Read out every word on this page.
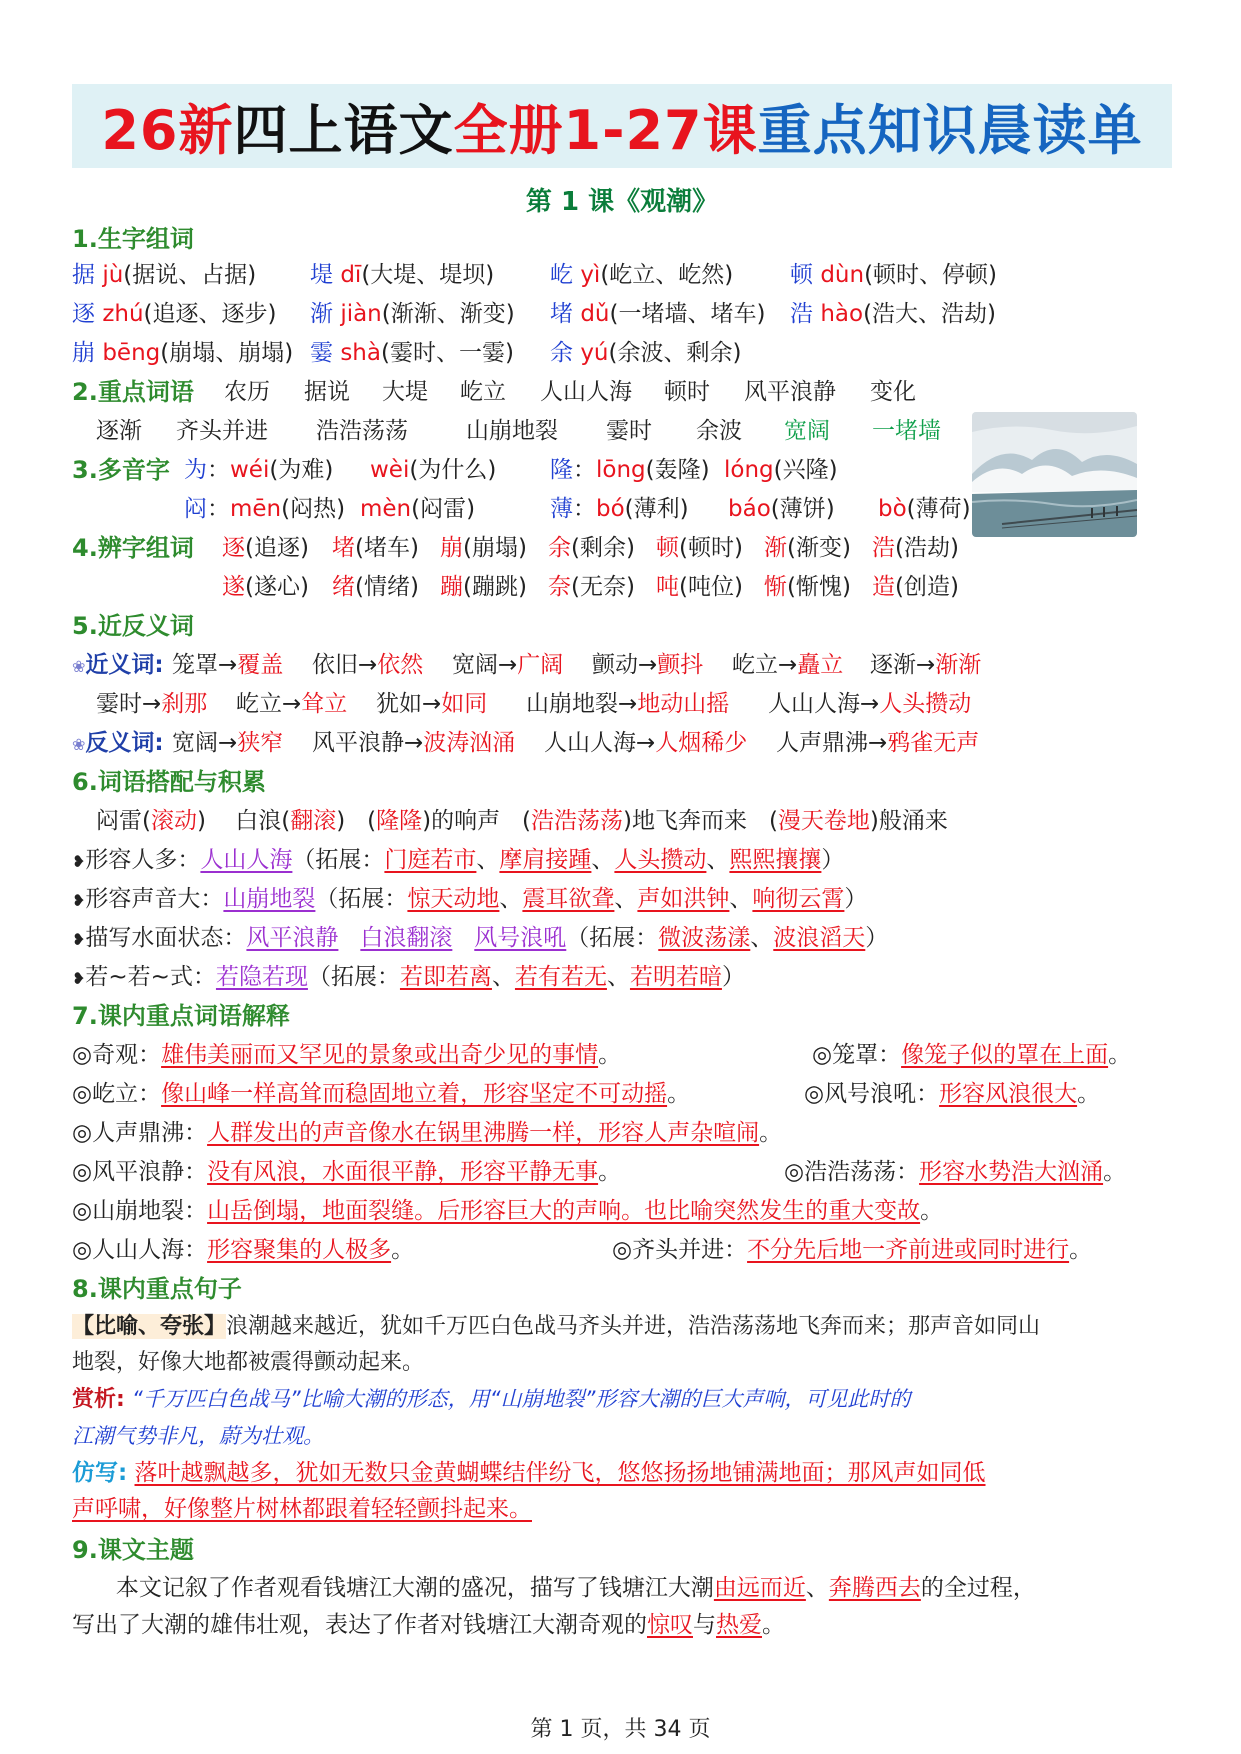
26新 四上语文 全册1-27课 重点知识晨读单
第 1 课《观潮》
1.生字组词
据 jù(据说、占据) 堤 dī(大堤、堤坝) 屹 yì(屹立、屹然) 顿 dùn(顿时、停顿)
逐 zhú(追逐、逐步) 渐 jiàn(渐渐、渐变) 堵 dǔ(一堵墙、堵车) 浩 hào(浩大、浩劫)
崩 bēng(崩塌、崩塌) 霎 shà(霎时、一霎) 余 yú(余波、剩余)
2.重点词语 农历 据说 大堤 屹立 人山人海 顿时 风平浪静 变化
逐渐 齐头并进 浩浩荡荡	山崩地裂 霎时 余波 宽阔 一堵墙
3.多音字 为：wéi(为难) wèi(为什么) 隆：lōng(轰隆) lóng(兴隆)
闷：mēn(闷热) mèn(闷雷)	薄：bó(薄利) báo(薄饼) bò(薄荷)
4.辨字组词 逐(追逐) 堵(堵车) 崩(崩塌) 余(剩余) 顿(顿时) 渐(渐变) 浩(浩劫)
遂(遂心) 绪(情绪) 蹦(蹦跳) 奈(无奈) 吨(吨位) 惭(惭愧) 造(创造)
5.近反义词
❀近义词: 笼罩→覆盖 依旧→依然 宽阔→广阔 颤动→颤抖 屹立→矗立 逐渐→渐渐
霎时→刹那 屹立→耸立 犹如→如同 山崩地裂→地动山摇 人山人海→人头攒动
❀反义词: 宽阔→狭窄 风平浪静→波涛汹涌 人山人海→人烟稀少 人声鼎沸→鸦雀无声
6.词语搭配与积累
闷雷(滚动) 白浪(翻滚) (隆隆)的响声 (浩浩荡荡)地飞奔而来 (漫天卷地)般涌来
❥形容人多：人山人海（拓展：门庭若市、摩肩接踵、人头攒动、熙熙攘攘）
❥形容声音大：山崩地裂（拓展：惊天动地、震耳欲聋、声如洪钟、响彻云霄）
❥描写水面状态：风平浪静 白浪翻滚 风号浪吼（拓展：微波荡漾、波浪滔天）
❥若~若~式：若隐若现（拓展：若即若离、若有若无、若明若暗）
7.课内重点词语解释
◎奇观：雄伟美丽而又罕见的景象或出奇少见的事情。	◎笼罩：像笼子似的罩在上面。
◎屹立：像山峰一样高耸而稳固地立着，形容坚定不可动摇。	◎风号浪吼：形容风浪很大。
◎人声鼎沸：人群发出的声音像水在锅里沸腾一样，形容人声杂喧闹。
◎风平浪静：没有风浪，水面很平静，形容平静无事。	◎浩浩荡荡：形容水势浩大汹涌。
◎山崩地裂：山岳倒塌，地面裂缝。后形容巨大的声响。也比喻突然发生的重大变故。
◎人山人海：形容聚集的人极多。	◎齐头并进：不分先后地一齐前进或同时进行。
8.课内重点句子
【比喻、夸张】浪潮越来越近，犹如千万匹白色战马齐头并进，浩浩荡荡地飞奔而来；那声音如同山
地裂，好像大地都被震得颤动起来。
赏析: “千万匹白色战马”比喻大潮的形态，用“山崩地裂”形容大潮的巨大声响，可见此时的
江潮气势非凡，蔚为壮观。
仿写: 落叶越飘越多，犹如无数只金黄蝴蝶结伴纷飞，悠悠扬扬地铺满地面；那风声如同低
声呼啸，好像整片树林都跟着轻轻颤抖起来。
9.课文主题
本文记叙了作者观看钱塘江大潮的盛况，描写了钱塘江大潮由远而近、奔腾西去的全过程，
写出了大潮的雄伟壮观，表达了作者对钱塘江大潮奇观的惊叹与热爱。
第 1 页，共 34 页
